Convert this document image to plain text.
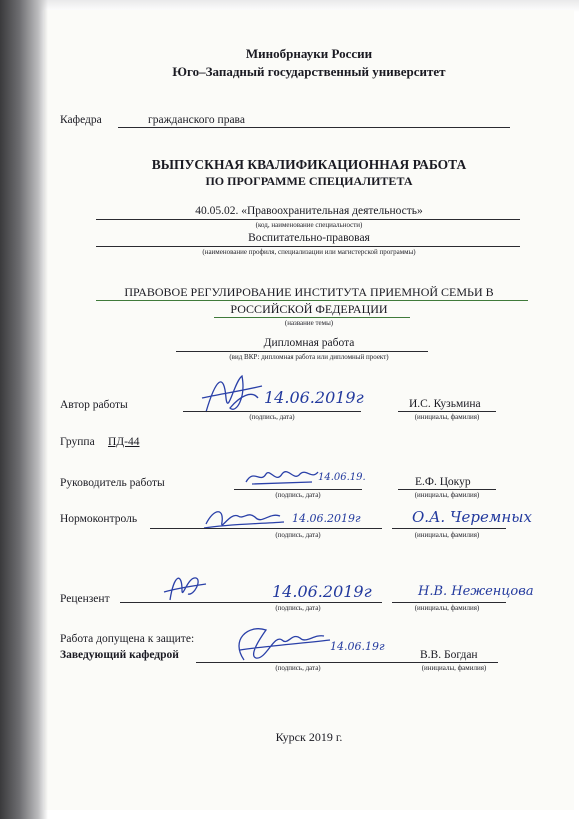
Минобрнауки России
Юго–Западный государственный университет
Кафедра	гражданского права
ВЫПУСКНАЯ КВАЛИФИКАЦИОННАЯ РАБОТА
ПО ПРОГРАММЕ СПЕЦИАЛИТЕТА
40.05.02. «Правоохранительная деятельность»
(код, наименование специальности)
Воспитательно-правовая
(наименование профиля, специализации или магистерской программы)
ПРАВОВОЕ РЕГУЛИРОВАНИЕ ИНСТИТУТА ПРИЕМНОЙ СЕМЬИ В
РОССИЙСКОЙ ФЕДЕРАЦИИ
(название темы)
Дипломная работа
(вид ВКР: дипломная работа или дипломный проект)
Автор работы	14.06.2019г
(подпись, дата)
И.С. Кузьмина
(инициалы, фамилия)
Группа ПД-44
Руководитель работы	14.06.19.
(подпись, дата)
Е.Ф. Цокур
(инициалы, фамилия)
Нормоконтроль	14.06.2019г
(подпись, дата)
О.А. Черемных
(инициалы, фамилия)
Рецензент	14.06.2019г
(подпись, дата)
Н.В. Неженцова
(инициалы, фамилия)
Работа допущена к защите:
Заведующий кафедрой
14.06.19г
(подпись, дата)
В.В. Богдан
(инициалы, фамилия)
Курск 2019 г.
